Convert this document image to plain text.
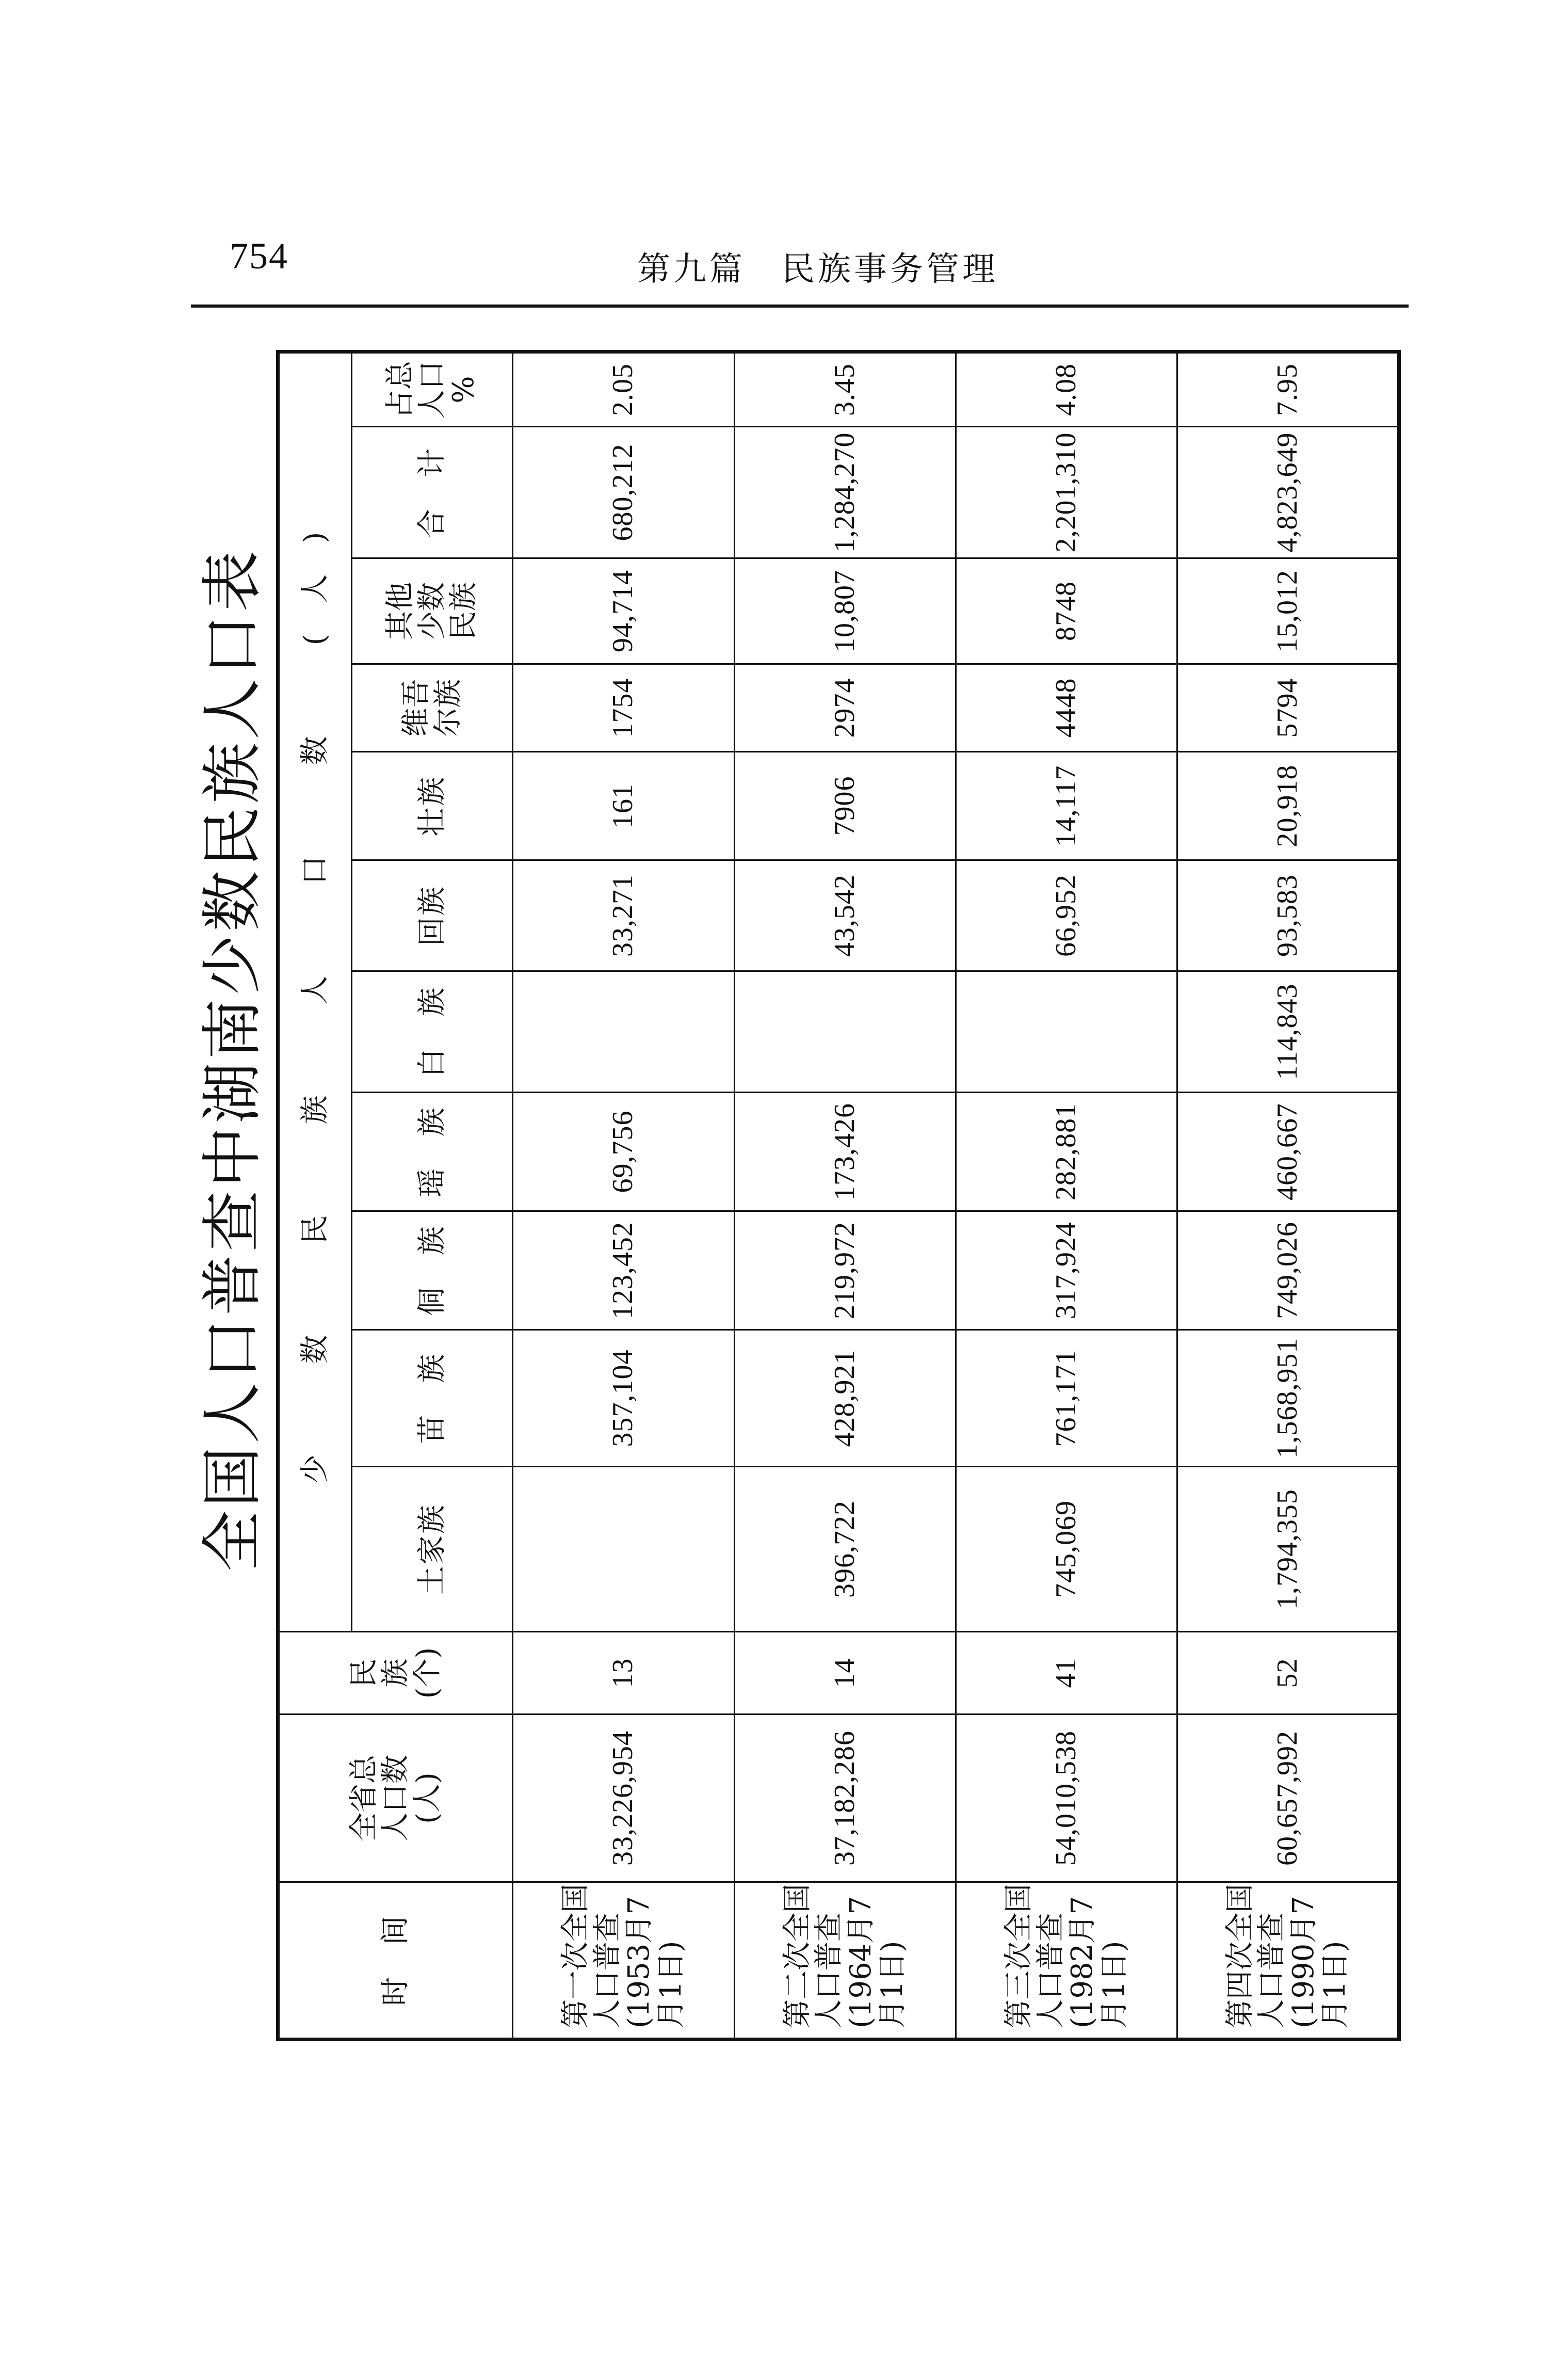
754	第九篇　民族事务管理
全国人口普查中湖南少数民族人口表
时　间	全省总
人口数
(人)	民
族
(个)	少　数　民　族　人　口　数　(人)										
			土家族	苗　族	侗　族	瑶　族	白　族	回族	壮族	维吾
尔族	其他
少数
民族	合　计	占总
人口
%
第一次全国人口普查(1953月7月1日)	33,226,954	13		357,104	123,452	69,756		33,271	161	1754	94,714	680,212	2.05
第二次全国人口普查(1964月7月1日)	37,182,286	14	396,722	428,921	219,972	173,426		43,542	7906	2974	10,807	1,284,270	3.45
第三次全国人口普查(1982月7月1日)	54,010,538	41	745,069	761,171	317,924	282,881		66,952	14,117	4448	8748	2,201,310	4.08
第四次全国人口普查(1990月7月1日)	60,657,992	52	1,794,355	1,568,951	749,026	460,667	114,843	93,583	20,918	5794	15,012	4,823,649	7.95
